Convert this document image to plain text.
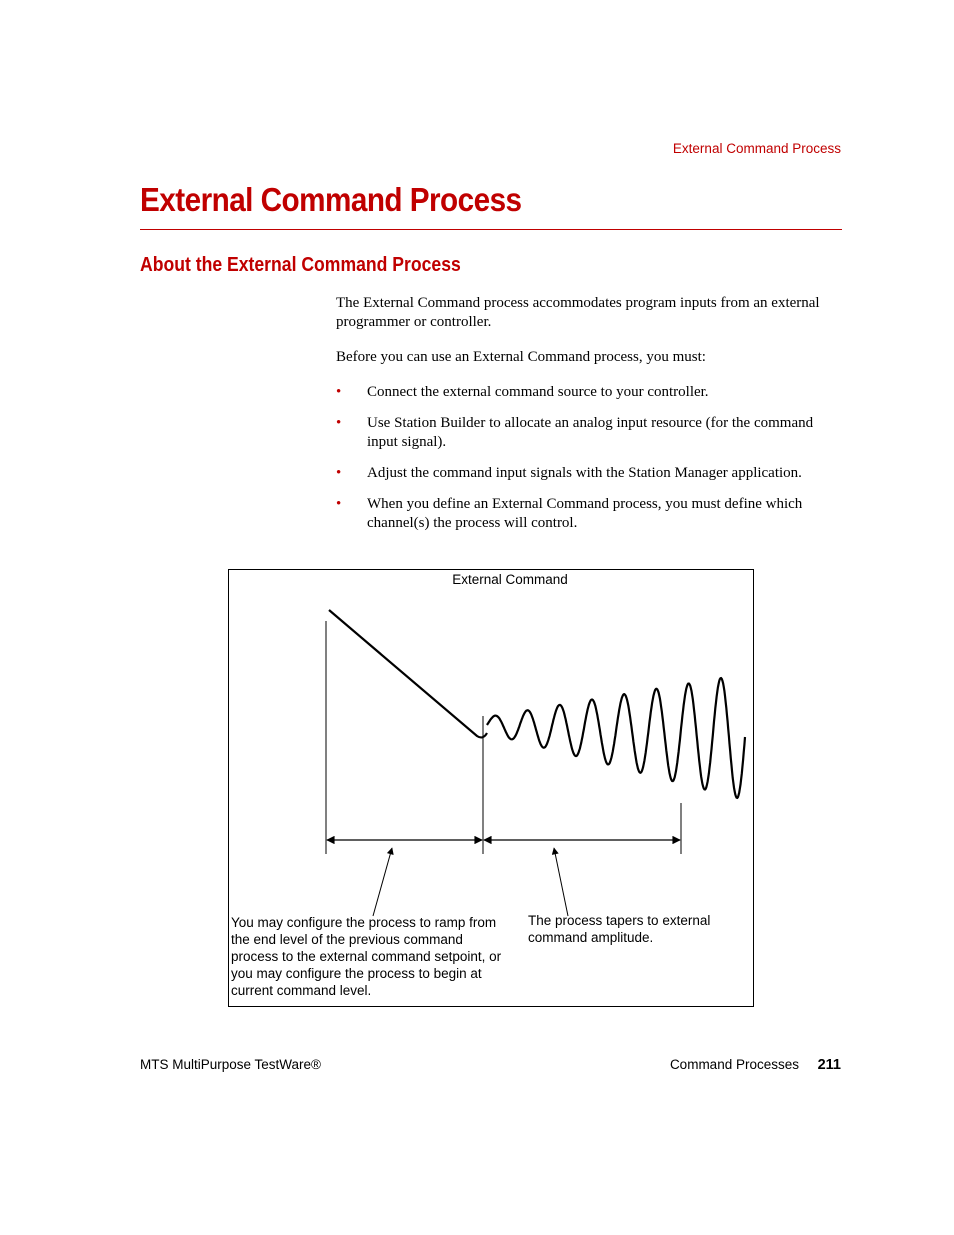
External Command Process
External Command Process
About the External Command Process

The External Command process accommodates program inputs from an external programmer or controller.

Before you can use an External Command process, you must:

• Connect the external command source to your controller.
• Use Station Builder to allocate an analog input resource (for the command input signal).
• Adjust the command input signals with the Station Manager application.
• When you define an External Command process, you must define which channel(s) the process will control.
External Command
You may configure the process to ramp from the end level of the previous command process to the external command setpoint, or you may configure the process to begin at current command level.
The process tapers to external command amplitude.
MTS MultiPurpose TestWare®	Command Processes 211
